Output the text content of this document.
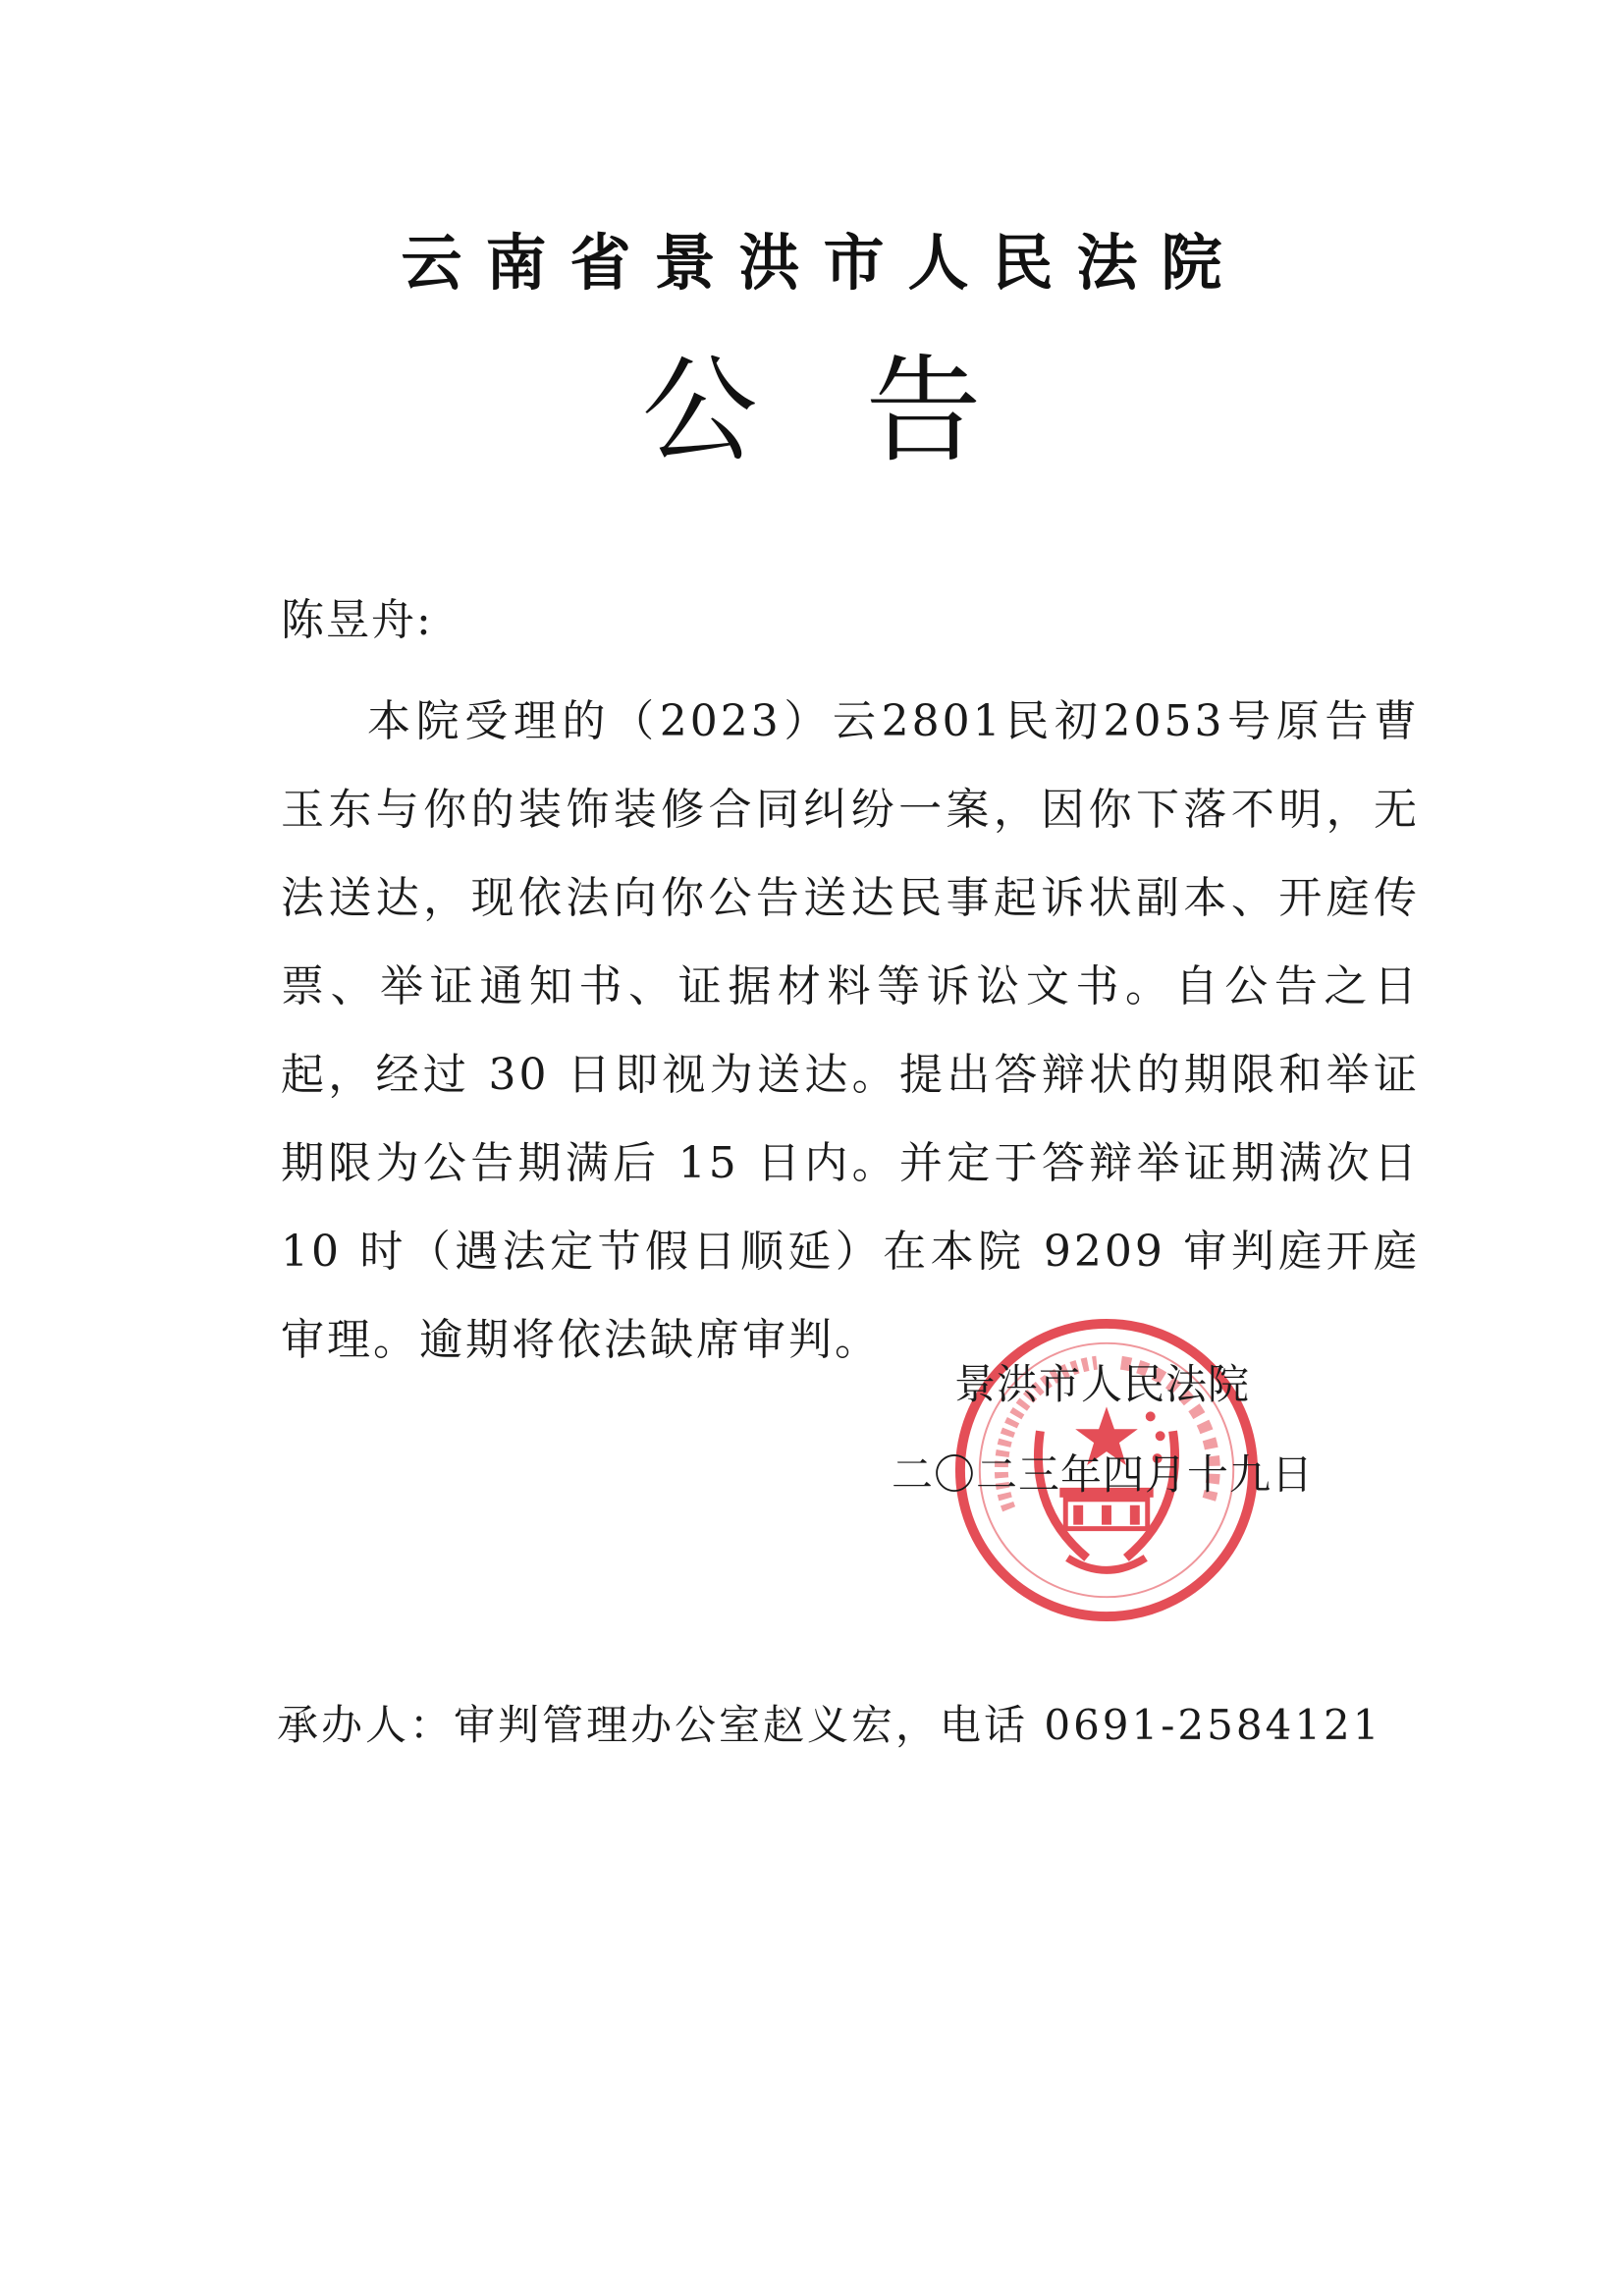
云南省景洪市人民法院
公告
陈昱舟:

本院受理的（2023）云2801民初2053号原告曹玉东与你的装饰装修合同纠纷一案，因你下落不明，无法送达，现依法向你公告送达民事起诉状副本、开庭传票、举证通知书、证据材料等诉讼文书。自公告之日起，经过 30 日即视为送达。提出答辩状的期限和举证期限为公告期满后 15 日内。并定于答辩举证期满次日 10 时（遇法定节假日顺延）在本院 9209 审判庭开庭审理。逾期将依法缺席审判。

景洪市人民法院
二〇二三年四月十九日
承办人：审判管理办公室赵义宏，电话 0691-2584121
